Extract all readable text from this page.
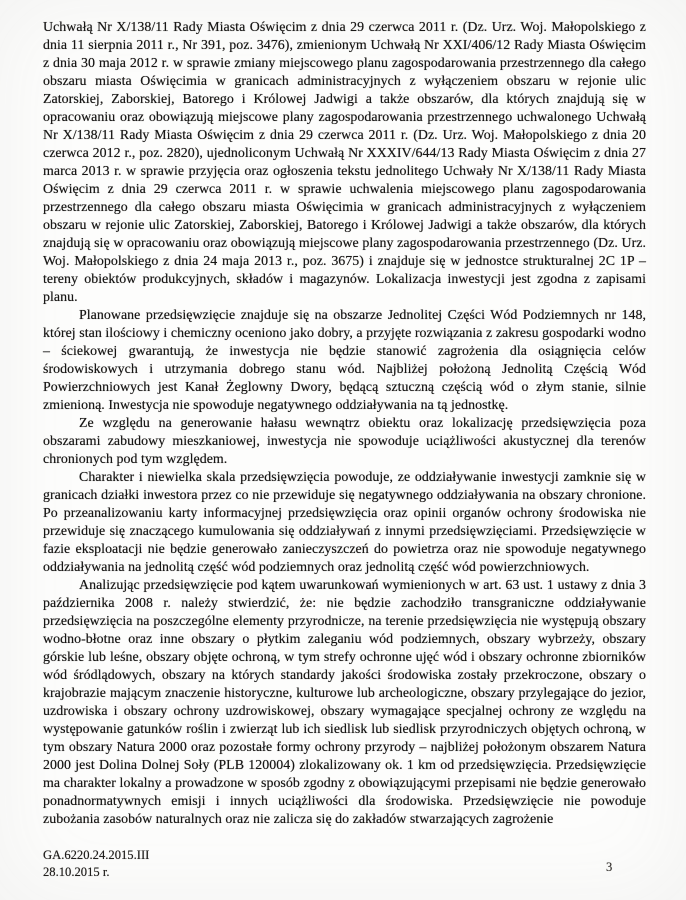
Uchwałą Nr X/138/11 Rady Miasta Oświęcim z dnia 29 czerwca 2011 r. (Dz. Urz. Woj. Małopolskiego z dnia 11 sierpnia 2011 r., Nr 391, poz. 3476), zmienionym Uchwałą Nr XXI/406/12 Rady Miasta Oświęcim z dnia 30 maja 2012 r. w sprawie zmiany miejscowego planu zagospodarowania przestrzennego dla całego obszaru miasta Oświęcimia w granicach administracyjnych z wyłączeniem obszaru w rejonie ulic Zatorskiej, Zaborskiej, Batorego i Królowej Jadwigi a także obszarów, dla których znajdują się w opracowaniu oraz obowiązują miejscowe plany zagospodarowania przestrzennego uchwalonego Uchwałą Nr X/138/11 Rady Miasta Oświęcim z dnia 29 czerwca 2011 r. (Dz. Urz. Woj. Małopolskiego z dnia 20 czerwca 2012 r., poz. 2820), ujednoliconym Uchwałą Nr XXXIV/644/13 Rady Miasta Oświęcim z dnia 27 marca 2013 r. w sprawie przyjęcia oraz ogłoszenia tekstu jednolitego Uchwały Nr X/138/11 Rady Miasta Oświęcim z dnia 29 czerwca 2011 r. w sprawie uchwalenia miejscowego planu zagospodarowania przestrzennego dla całego obszaru miasta Oświęcimia w granicach administracyjnych z wyłączeniem obszaru w rejonie ulic Zatorskiej, Zaborskiej, Batorego i Królowej Jadwigi a także obszarów, dla których znajdują się w opracowaniu oraz obowiązują miejscowe plany zagospodarowania przestrzennego (Dz. Urz. Woj. Małopolskiego z dnia 24 maja 2013 r., poz. 3675) i znajduje się w jednostce strukturalnej 2C 1P – tereny obiektów produkcyjnych, składów i magazynów. Lokalizacja inwestycji jest zgodna z zapisami planu.

Planowane przedsięwzięcie znajduje się na obszarze Jednolitej Części Wód Podziemnych nr 148, której stan ilościowy i chemiczny oceniono jako dobry, a przyjęte rozwiązania z zakresu gospodarki wodno – ściekowej gwarantują, że inwestycja nie będzie stanowić zagrożenia dla osiągnięcia celów środowiskowych i utrzymania dobrego stanu wód. Najbliżej położoną Jednolitą Częścią Wód Powierzchniowych jest Kanał Żeglowny Dwory, będącą sztuczną częścią wód o złym stanie, silnie zmienioną. Inwestycja nie spowoduje negatywnego oddziaływania na tą jednostkę.

Ze względu na generowanie hałasu wewnątrz obiektu oraz lokalizację przedsięwzięcia poza obszarami zabudowy mieszkaniowej, inwestycja nie spowoduje uciążliwości akustycznej dla terenów chronionych pod tym względem.

Charakter i niewielka skala przedsięwzięcia powoduje, ze oddziaływanie inwestycji zamknie się w granicach działki inwestora przez co nie przewiduje się negatywnego oddziaływania na obszary chronione. Po przeanalizowaniu karty informacyjnej przedsięwzięcia oraz opinii organów ochrony środowiska nie przewiduje się znaczącego kumulowania się oddziaływań z innymi przedsięwzięciami. Przedsięwzięcie w fazie eksploatacji nie będzie generowało zanieczyszczeń do powietrza oraz nie spowoduje negatywnego oddziaływania na jednolitą część wód podziemnych oraz jednolitą część wód powierzchniowych.

Analizując przedsięwzięcie pod kątem uwarunkowań wymienionych w art. 63 ust. 1 ustawy z dnia 3 października 2008 r. należy stwierdzić, że: nie będzie zachodziło transgraniczne oddziaływanie przedsięwzięcia na poszczególne elementy przyrodnicze, na terenie przedsięwzięcia nie występują obszary wodno-błotne oraz inne obszary o płytkim zaleganiu wód podziemnych, obszary wybrzeży, obszary górskie lub leśne, obszary objęte ochroną, w tym strefy ochronne ujęć wód i obszary ochronne zbiorników wód śródlądowych, obszary na których standardy jakości środowiska zostały przekroczone, obszary o krajobrazie mającym znaczenie historyczne, kulturowe lub archeologiczne, obszary przylegające do jezior, uzdrowiska i obszary ochrony uzdrowiskowej, obszary wymagające specjalnej ochrony ze względu na występowanie gatunków roślin i zwierząt lub ich siedlisk lub siedlisk przyrodniczych objętych ochroną, w tym obszary Natura 2000 oraz pozostałe formy ochrony przyrody – najbliżej położonym obszarem Natura 2000 jest Dolina Dolnej Soły (PLB 120004) zlokalizowany ok. 1 km od przedsięwzięcia. Przedsięwzięcie ma charakter lokalny a prowadzone w sposób zgodny z obowiązującymi przepisami nie będzie generowało ponadnormatywnych emisji i innych uciążliwości dla środowiska. Przedsięwzięcie nie powoduje zubożania zasobów naturalnych oraz nie zalicza się do zakładów stwarzających zagrożenie

GA.6220.24.2015.III
28.10.2015 r.	3
